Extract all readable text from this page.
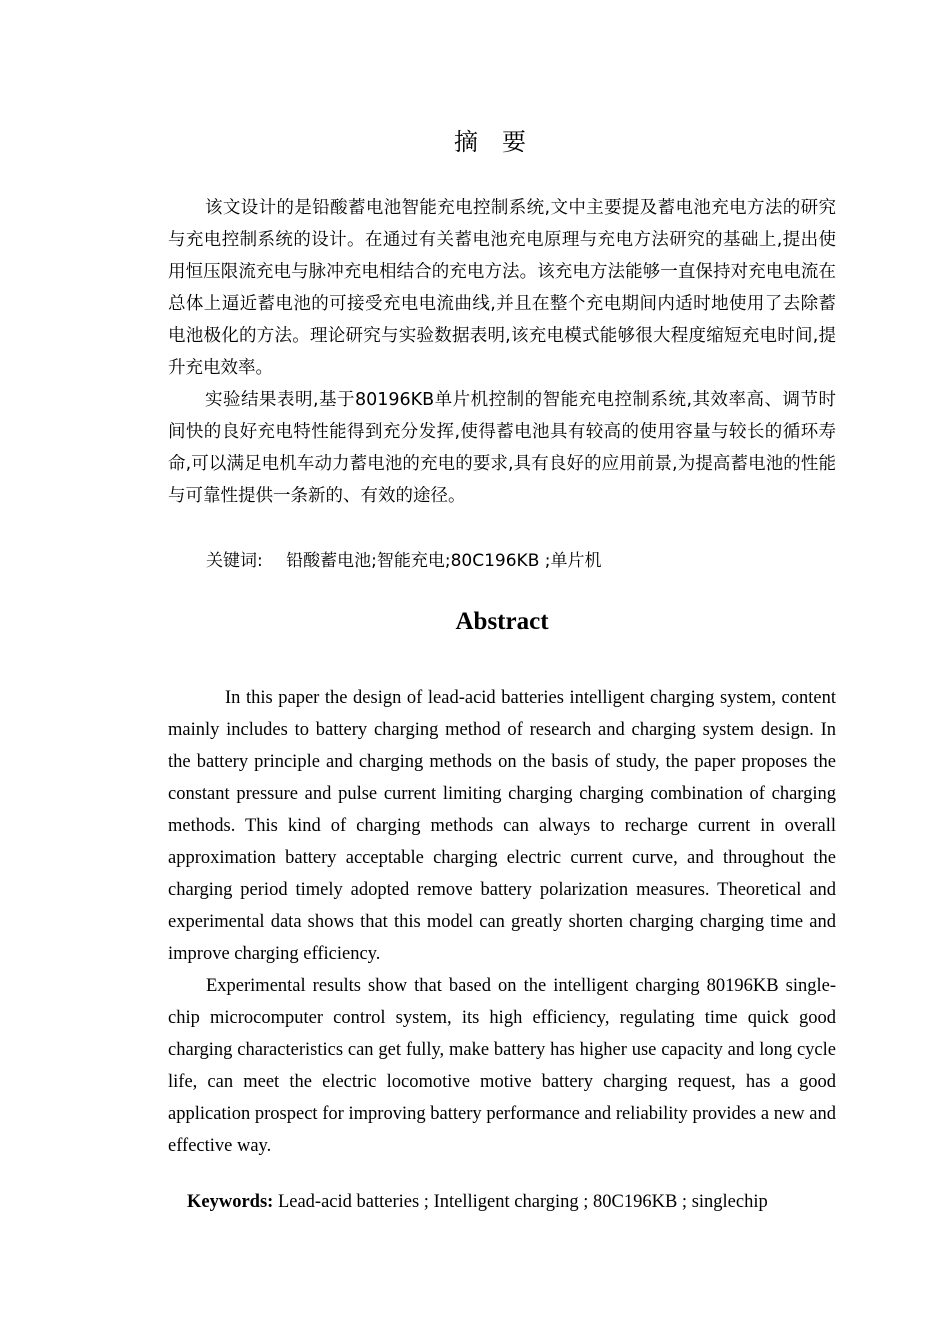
摘要

该文设计的是铅酸蓄电池智能充电控制系统,文中主要提及蓄电池充电方法的研究与充电控制系统的设计。在通过有关蓄电池充电原理与充电方法研究的基础上,提出使用恒压限流充电与脉冲充电相结合的充电方法。该充电方法能够一直保持对充电电流在总体上逼近蓄电池的可接受充电电流曲线,并且在整个充电期间内适时地使用了去除蓄电池极化的方法。理论研究与实验数据表明,该充电模式能够很大程度缩短充电时间,提升充电效率。

实验结果表明,基于80196KB单片机控制的智能充电控制系统,其效率高、调节时间快的良好充电特性能得到充分发挥,使得蓄电池具有较高的使用容量与较长的循环寿命,可以满足电机车动力蓄电池的充电的要求,具有良好的应用前景,为提高蓄电池的性能与可靠性提供一条新的、有效的途径。

关键词: 铅酸蓄电池;智能充电;80C196KB ;单片机
Abstract

In this paper the design of lead-acid batteries intelligent charging system, content mainly includes to battery charging method of research and charging system design. In the battery principle and charging methods on the basis of study, the paper proposes the constant pressure and pulse current limiting charging charging combination of charging methods. This kind of charging methods can always to recharge current in overall approximation battery acceptable charging electric current curve, and throughout the charging period timely adopted remove battery polarization measures. Theoretical and experimental data shows that this model can greatly shorten charging charging time and improve charging efficiency.

Experimental results show that based on the intelligent charging 80196KB single-chip microcomputer control system, its high efficiency, regulating time quick good charging characteristics can get fully, make battery has higher use capacity and long cycle life, can meet the electric locomotive motive battery charging request, has a good application prospect for improving battery performance and reliability provides a new and effective way.

Keywords: Lead-acid batteries ; Intelligent charging ; 80C196KB ; singlechip
